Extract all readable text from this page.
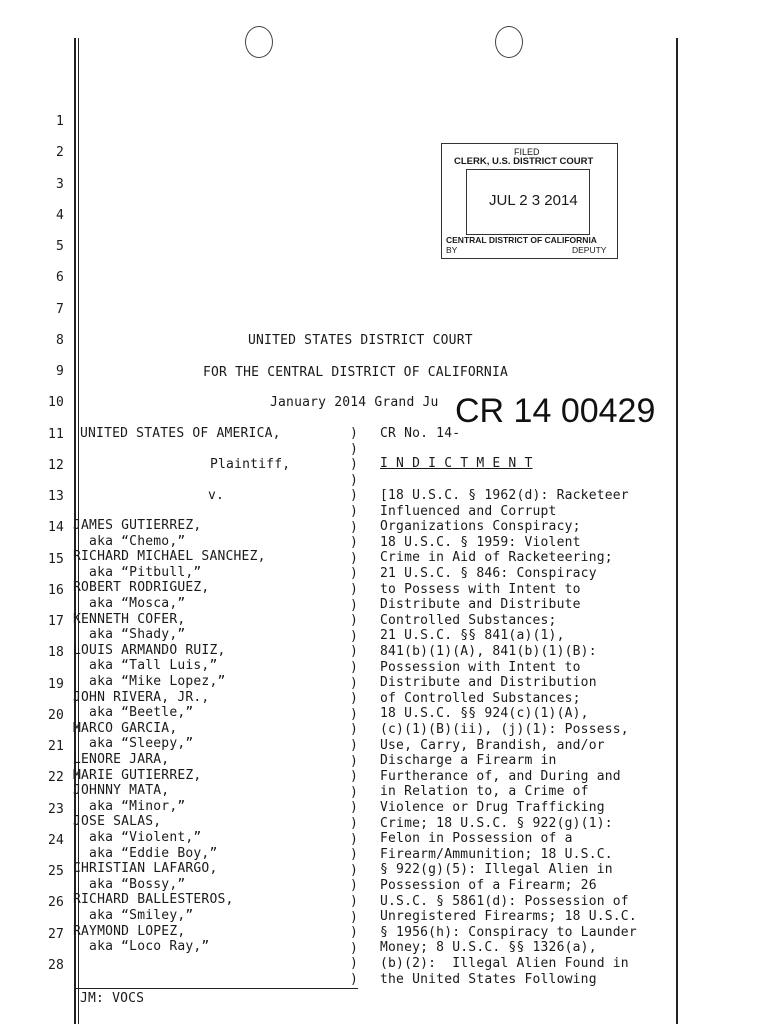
1
2
3
4
5
6
7
8
9
10
11
12
13
14
15
16
17
18
19
20
21
22
23
24
25
26
27
28
FILED
CLERK, U.S. DISTRICT COURT
JUL 2 3 2014
CENTRAL DISTRICT OF CALIFORNIA
BY	DEPUTY
UNITED STATES DISTRICT COURT
FOR THE CENTRAL DISTRICT OF CALIFORNIA
January 2014 Grand Ju CR 14 00429
UNITED STATES OF AMERICA,
Plaintiff,
v.
JAMES GUTIERREZ,
aka “Chemo,”
RICHARD MICHAEL SANCHEZ,
aka “Pitbull,”
ROBERT RODRIGUEZ,
aka “Mosca,”
KENNETH COFER,
aka “Shady,”
LOUIS ARMANDO RUIZ,
aka “Tall Luis,”
aka “Mike Lopez,”
JOHN RIVERA, JR.,
aka “Beetle,”
MARCO GARCIA,
aka “Sleepy,”
LENORE JARA,
MARIE GUTIERREZ,
JOHNNY MATA,
aka “Minor,”
JOSE SALAS,
aka “Violent,”
aka “Eddie Boy,”
CHRISTIAN LAFARGO,
aka “Bossy,”
RICHARD BALLESTEROS,
aka “Smiley,”
RAYMOND LOPEZ,
aka “Loco Ray,”
CR No. 14-
I N D I C T M E N T
[18 U.S.C. § 1962(d): Racketeer
Influenced and Corrupt
Organizations Conspiracy;
18 U.S.C. § 1959: Violent
Crime in Aid of Racketeering;
21 U.S.C. § 846: Conspiracy
to Possess with Intent to
Distribute and Distribute
Controlled Substances;
21 U.S.C. §§ 841(a)(1),
841(b)(1)(A), 841(b)(1)(B):
Possession with Intent to
Distribute and Distribution
of Controlled Substances;
18 U.S.C. §§ 924(c)(1)(A),
(c)(1)(B)(ii), (j)(1): Possess,
Use, Carry, Brandish, and/or
Discharge a Firearm in
Furtherance of, and During and
in Relation to, a Crime of
Violence or Drug Trafficking
Crime; 18 U.S.C. § 922(g)(1):
Felon in Possession of a
Firearm/Ammunition; 18 U.S.C.
§ 922(g)(5): Illegal Alien in
Possession of a Firearm; 26
U.S.C. § 5861(d): Possession of
Unregistered Firearms; 18 U.S.C.
§ 1956(h): Conspiracy to Launder
Money; 8 U.S.C. §§ 1326(a),
(b)(2):  Illegal Alien Found in
the United States Following
)
)
)
)
)
)
)
)
)
)
)
)
)
)
)
)
)
)
)
)
)
)
)
)
)
)
)
)
)
)
)
)
)
)
)
)
JM: VOCS
